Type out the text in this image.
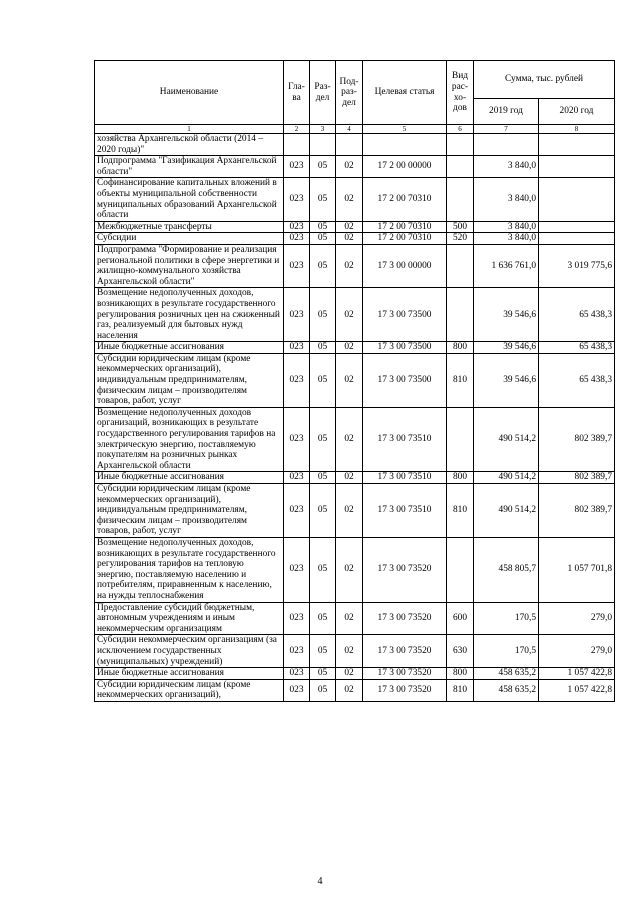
Наименование	Гла-ва	Раз-дел	Под-раз-дел	Целевая статья	Вид рас-хо-дов	Сумма, тыс. рублей	
						2019 год	2020 год
1	2	3	4	5	6	7	8
хозяйства Архангельской области (2014 – 2020 годы)"							
Подпрограмма "Газификация Архангельской области"	023	05	02	17 2 00 00000		3 840,0	
Софинансирование капитальных вложений в объекты муниципальной собственности муниципальных образований Архангельской области	023	05	02	17 2 00 70310		3 840,0	
Межбюджетные трансферты	023	05	02	17 2 00 70310	500	3 840,0	
Субсидии	023	05	02	17 2 00 70310	520	3 840,0	
Подпрограмма "Формирование и реализация региональной политики в сфере энергетики и жилищно-коммунального хозяйства Архангельской области"	023	05	02	17 3 00 00000		1 636 761,0	3 019 775,6
Возмещение недополученных доходов, возникающих в результате государственного регулирования розничных цен на сжиженный газ, реализуемый для бытовых нужд населения	023	05	02	17 3 00 73500		39 546,6	65 438,3
Иные бюджетные ассигнования	023	05	02	17 3 00 73500	800	39 546,6	65 438,3
Субсидии юридическим лицам (кроме некоммерческих организаций), индивидуальным предпринимателям, физическим лицам – производителям товаров, работ, услуг	023	05	02	17 3 00 73500	810	39 546,6	65 438,3
Возмещение недополученных доходов организаций, возникающих в результате государственного регулирования тарифов на электрическую энергию, поставляемую покупателям на розничных рынках Архангельской области	023	05	02	17 3 00 73510		490 514,2	802 389,7
Иные бюджетные ассигнования	023	05	02	17 3 00 73510	800	490 514,2	802 389,7
Субсидии юридическим лицам (кроме некоммерческих организаций), индивидуальным предпринимателям, физическим лицам – производителям товаров, работ, услуг	023	05	02	17 3 00 73510	810	490 514,2	802 389,7
Возмещение недополученных доходов, возникающих в результате государственного регулирования тарифов на тепловую энергию, поставляемую населению и потребителям, приравненным к населению, на нужды теплоснабжения	023	05	02	17 3 00 73520		458 805,7	1 057 701,8
Предоставление субсидий бюджетным, автономным учреждениям и иным некоммерческим организациям	023	05	02	17 3 00 73520	600	170,5	279,0
Субсидии некоммерческим организациям (за исключением государственных (муниципальных) учреждений)	023	05	02	17 3 00 73520	630	170,5	279,0
Иные бюджетные ассигнования	023	05	02	17 3 00 73520	800	458 635,2	1 057 422,8
Субсидии юридическим лицам (кроме некоммерческих организаций),	023	05	02	17 3 00 73520	810	458 635,2	1 057 422,8
4
